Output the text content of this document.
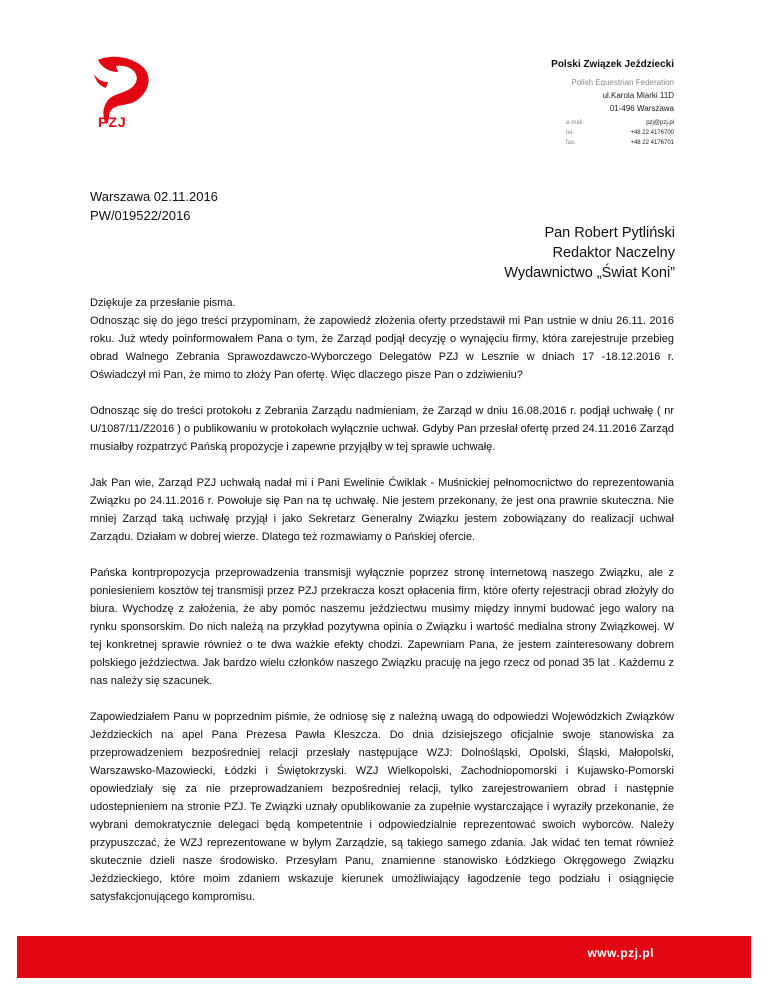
PZJ
Polski Związek Jeździecki
Polish Equestrian Federation
ul.Karola Miarki 11D
01-496 Warszawa
e-mail:	pzj@pzj.pl
tel.	+48 22 4176700
fax.	+48 22 4176701
Warszawa 02.11.2016
PW/019522/2016
Pan Robert Pytliński
Redaktor Naczelny
Wydawnictwo „Świat Koni”

Dziękuje za przesłanie pisma.
Odnosząc się do jego treści przypominam, że zapowiedź złożenia oferty przedstawił mi Pan ustnie w dniu 26.11. 2016 roku. Już wtedy poinformowałem Pana o tym, że Zarząd podjął decyzję o wynajęciu firmy, która zarejestruje przebieg obrad Walnego Zebrania Sprawozdawczo-Wyborczego Delegatów PZJ w Lesznie w dniach 17 -18.12.2016 r. Oświadczył mi Pan, że mimo to złoży Pan ofertę. Więc dlaczego pisze Pan o zdziwieniu?

Odnosząc się do treści protokołu z Zebrania Zarządu nadmieniam, że Zarząd w dniu 16.08.2016 r. podjął uchwałę ( nr U/1087/11/Z2016 ) o publikowaniu w protokołach wyłącznie uchwał. Gdyby Pan przesłał ofertę przed 24.11.2016 Zarząd musiałby rozpatrzyć Pańską propozycje i zapewne przyjąłby w tej sprawie uchwałę.

Jak Pan wie, Zarząd PZJ uchwałą nadał mi i Pani Ewelinie Ćwiklak - Muśnickiej pełnomocnictwo do reprezentowania Związku po 24.11.2016 r. Powołuje się Pan na tę uchwałę. Nie jestem przekonany, że jest ona prawnie skuteczna. Nie mniej Zarząd taką uchwałę przyjął i jako Sekretarz Generalny Związku jestem zobowiązany do realizacji uchwał Zarządu. Działam w dobrej wierze. Dlatego też rozmawiamy o Pańskiej ofercie.

Pańska kontrpropozycja przeprowadzenia transmisji wyłącznie poprzez stronę internetową naszego Związku, ale z poniesieniem kosztów tej transmisji przez PZJ przekracza koszt opłacenia firm, które oferty rejestracji obrad złożyły do biura. Wychodzę z założenia, że aby pomóc naszemu jeździectwu musimy między innymi budować jego walory na rynku sponsorskim. Do nich należą na przykład pozytywna opinia o Związku i wartość medialna strony Związkowej. W tej konkretnej sprawie również o te dwa ważkie efekty chodzi. Zapewniam Pana, że jestem zainteresowany dobrem polskiego jeździectwa. Jak bardzo wielu członków naszego Związku pracuję na jego rzecz od ponad 35 lat . Każdemu z nas należy się szacunek.

Zapowiedziałem Panu w poprzednim piśmie, że odniosę się z należną uwagą do odpowiedzi Wojewódzkich Związków Jeździeckich na apel Pana Prezesa Pawła Kleszcza. Do dnia dzisiejszego oficjalnie swoje stanowiska za przeprowadzeniem bezpośredniej relacji przesłały następujące WZJ: Dolnośląski, Opolski, Śląski, Małopolski, Warszawsko-Mazowiecki, Łódzki i Świętokrzyski. WZJ Wielkopolski, Zachodniopomorski i Kujawsko-Pomorski opowiedziały się za nie przeprowadzaniem bezpośredniej relacji, tylko zarejestrowaniem obrad i następnie udostepnieniem na stronie PZJ. Te Związki uznały opublikowanie za zupełnie wystarczające i wyraziły przekonanie, że wybrani demokratycznie delegaci będą kompetentnie i odpowiedzialnie reprezentować swoich wyborców. Należy przypuszczać, że WZJ reprezentowane w byłym Zarządzie, są takiego samego zdania. Jak widać ten temat również skutecznie dzieli nasze środowisko. Przesyłam Panu, znamienne stanowisko Łódzkiego Okręgowego Związku Jeździeckiego, które moim zdaniem wskazuje kierunek umożliwiający łagodzenie tego podziału i osiągnięcie satysfakcjonującego kompromisu.

www.pzj.pl
